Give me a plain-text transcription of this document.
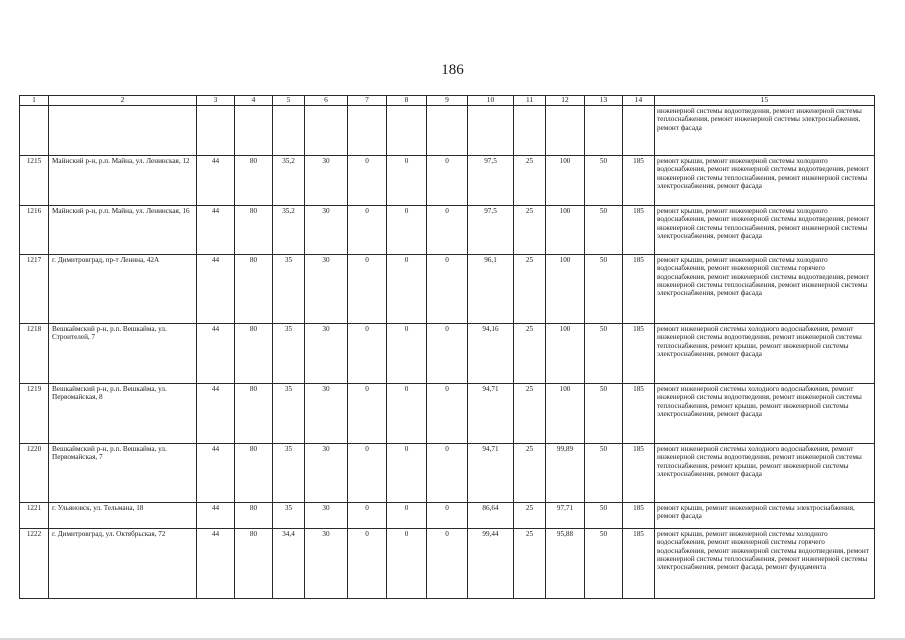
186
1	2	3	4	5	6	7	8	9	10	11	12	13	14	15
														инженерной системы водоотведения, ремонт инженерной системы теплоснабжения, ремонт инженерной системы электроснабжения, ремонт фасада
1215	Майнский р-н, р.п. Майна, ул. Ленинская, 12	44	80	35,2	30	0	0	0	97,5	25	100	50	185	ремонт крыши, ремонт инженерной системы холодного водоснабжения, ремонт инженерной системы водоотведения, ремонт инженерной системы теплоснабжения, ремонт инженерной системы электроснабжения, ремонт фасада
1216	Майнский р-н, р.п. Майна, ул. Ленинская, 16	44	80	35,2	30	0	0	0	97,5	25	100	50	185	ремонт крыши, ремонт инженерной системы холодного водоснабжения, ремонт инженерной системы водоотведения, ремонт инженерной системы теплоснабжения, ремонт инженерной системы электроснабжения, ремонт фасада
1217	г. Димитровград, пр-т Ленина, 42А	44	80	35	30	0	0	0	96,1	25	100	50	185	ремонт крыши, ремонт инженерной системы холодного водоснабжения, ремонт инженерной системы горячего водоснабжения, ремонт инженерной системы водоотведения, ремонт инженерной системы теплоснабжения, ремонт инженерной системы электроснабжения, ремонт фасада
1218	Вешкаймский р-н, р.п. Вешкайма, ул. Строителей, 7	44	80	35	30	0	0	0	94,16	25	100	50	185	ремонт инженерной системы холодного водоснабжения, ремонт инженерной системы водоотведения, ремонт инженерной системы теплоснабжения, ремонт крыши, ремонт инженерной системы электроснабжения, ремонт фасада
1219	Вешкаймский р-н, р.п. Вешкайма, ул. Первомайская, 8	44	80	35	30	0	0	0	94,71	25	100	50	185	ремонт инженерной системы холодного водоснабжения, ремонт инженерной системы водоотведения, ремонт инженерной системы теплоснабжения, ремонт крыши, ремонт инженерной системы электроснабжения, ремонт фасада
1220	Вешкаймский р-н, р.п. Вешкайма, ул. Первомайская, 7	44	80	35	30	0	0	0	94,71	25	99,89	50	185	ремонт инженерной системы холодного водоснабжения, ремонт инженерной системы водоотведения, ремонт инженерной системы теплоснабжения, ремонт крыши, ремонт инженерной системы электроснабжения, ремонт фасада
1221	г. Ульяновск, ул. Тельмана, 18	44	80	35	30	0	0	0	86,64	25	97,71	50	185	ремонт крыши, ремонт инженерной системы электроснабжения, ремонт фасада
1222	г. Димитровград, ул. Октябрьская, 72	44	80	34,4	30	0	0	0	99,44	25	95,88	50	185	ремонт крыши, ремонт инженерной системы холодного водоснабжения, ремонт инженерной системы горячего водоснабжения, ремонт инженерной системы водоотведения, ремонт инженерной системы теплоснабжения, ремонт инженерной системы электроснабжения, ремонт фасада, ремонт фундамента
